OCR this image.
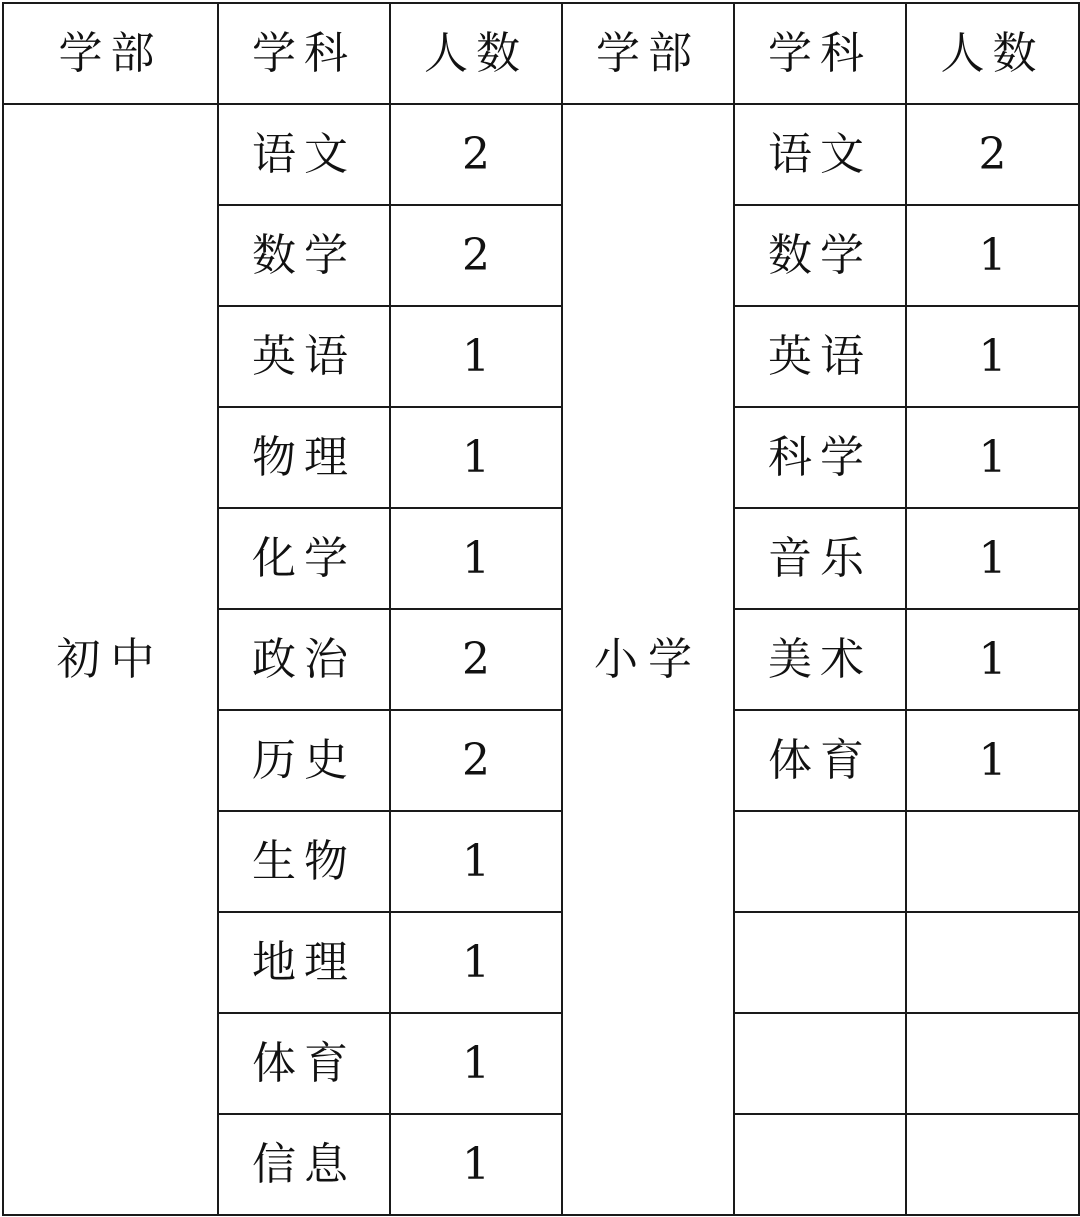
学部	学科	人数	学部	学科	人数
初中	语文	2	小学	语文	2
	数学	2		数学	1
	英语	1		英语	1
	物理	1		科学	1
	化学	1		音乐	1
	政治	2		美术	1
	历史	2		体育	1
	生物	1			
	地理	1			
	体育	1			
	信息	1			
